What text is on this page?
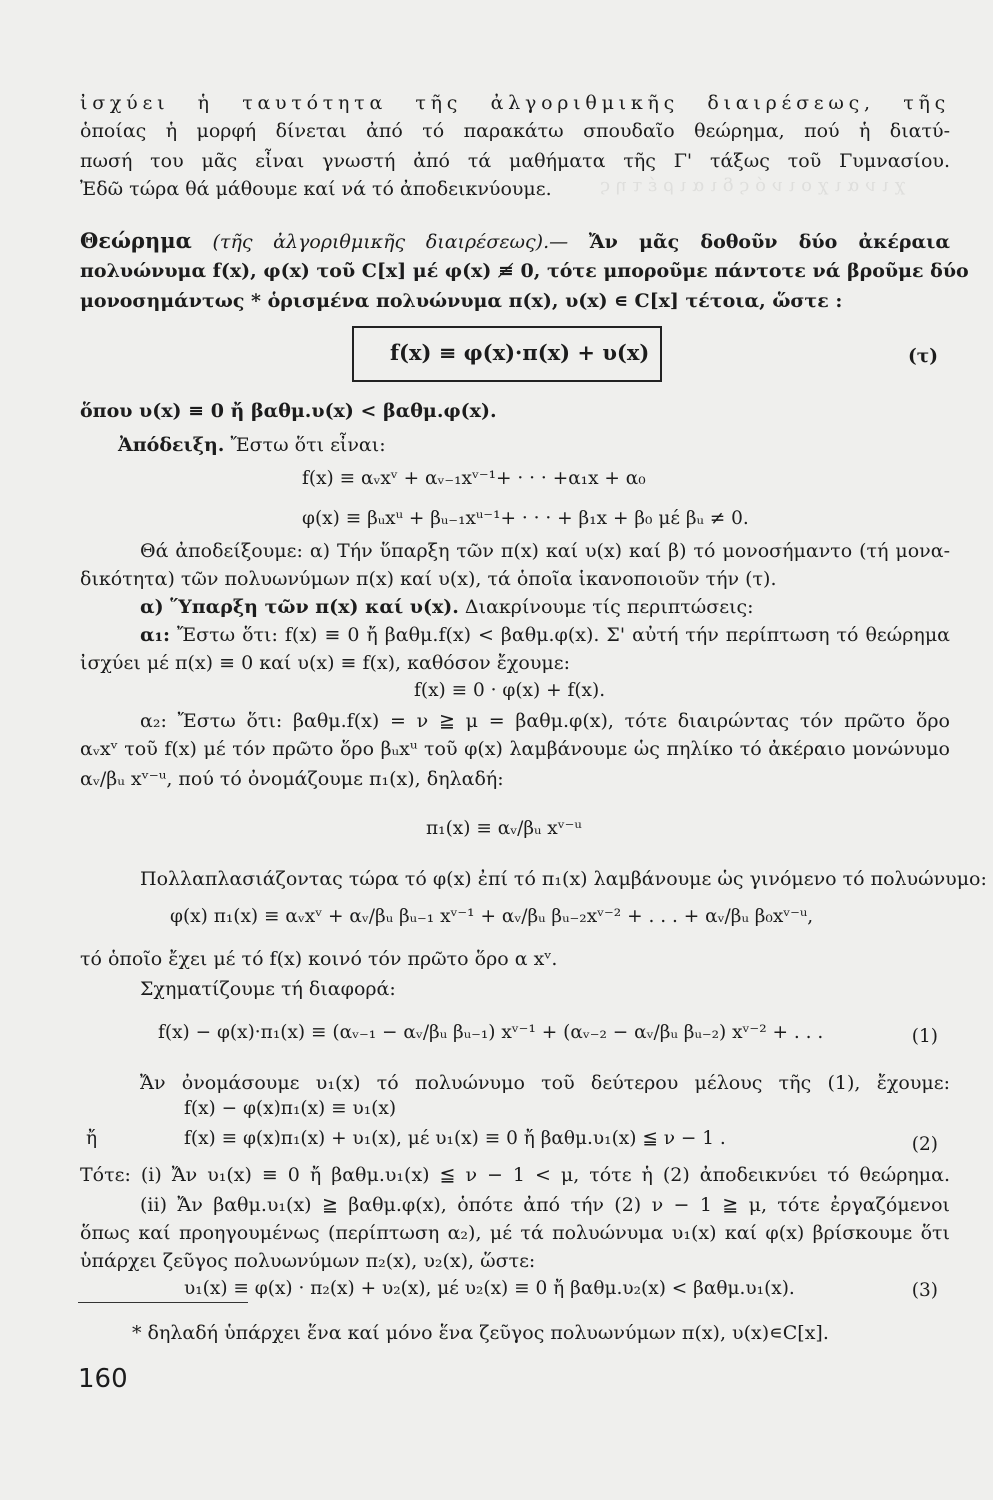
χ ι ν α ι χ ο ι ν ό ς δ ι α ι ρ έ τ η ς
ἰσχύει ἡ ταυτότητα τῆς ἀλγοριθμικῆς διαιρέσεως, τῆς
ὁποίας ἡ μορφή δίνεται ἀπό τό παρακάτω σπουδαῖο θεώρημα, πού ἡ διατύ-
πωσή του μᾶς εἶναι γνωστή ἀπό τά μαθήματα τῆς Γ' τάξως τοῦ Γυμνασίου.
Ἐδῶ τώρα θά μάθουμε καί νά τό ἀποδεικνύουμε.
Θεώρημα (τῆς ἀλγοριθμικῆς διαιρέσεως).— Ἄν μᾶς δοθοῦν δύο ἀκέραια
πολυώνυμα f(x), φ(x) τοῦ C[x] μέ φ(x) ≢ 0, τότε μποροῦμε πάντοτε νά βροῦμε δύο
μονοσημάντως * ὁρισμένα πολυώνυμα π(x), υ(x) ∊ C[x] τέτοια, ὥστε :
f(x) ≡ φ(x)·π(x) + υ(x)	(τ)
ὅπου υ(x) ≡ 0 ἤ βαθμ.υ(x) < βαθμ.φ(x).
Ἀπόδειξη. Ἔστω ὅτι εἶναι:
f(x) ≡ αᵥxᵛ + αᵥ₋₁xᵛ⁻¹+ · · · +α₁x + α₀
φ(x) ≡ βᵤxᵘ + βᵤ₋₁xᵘ⁻¹+ · · · + β₁x + β₀ μέ βᵤ ≠ 0.
Θά ἀποδείξουμε: α) Τήν ὕπαρξη τῶν π(x) καί υ(x) καί β) τό μονοσήμαντο (τή μονα-
δικότητα) τῶν πολυωνύμων π(x) καί υ(x), τά ὁποῖα ἱκανοποιοῦν τήν (τ).
α) Ὕπαρξη τῶν π(x) καί υ(x). Διακρίνουμε τίς περιπτώσεις:
α₁: Ἔστω ὅτι: f(x) ≡ 0 ἤ βαθμ.f(x) < βαθμ.φ(x). Σ' αὐτή τήν περίπτωση τό θεώρημα
ἰσχύει μέ π(x) ≡ 0 καί υ(x) ≡ f(x), καθόσον ἔχουμε:
f(x) ≡ 0 · φ(x) + f(x).
α₂: Ἔστω ὅτι: βαθμ.f(x) = ν ≧ μ = βαθμ.φ(x), τότε διαιρώντας τόν πρῶτο ὅρο
αᵥxᵛ τοῦ f(x) μέ τόν πρῶτο ὅρο βᵤxᵘ τοῦ φ(x) λαμβάνουμε ὡς πηλίκο τό ἀκέραιο μονώνυμο
αᵥ/βᵤ xᵛ⁻ᵘ, πού τό ὀνομάζουμε π₁(x), δηλαδή:
π₁(x) ≡ αᵥ/βᵤ xᵛ⁻ᵘ
Πολλαπλασιάζοντας τώρα τό φ(x) ἐπί τό π₁(x) λαμβάνουμε ὡς γινόμενο τό πολυώνυμο:
φ(x) π₁(x) ≡ αᵥxᵛ + αᵥ/βᵤ βᵤ₋₁ xᵛ⁻¹ + αᵥ/βᵤ βᵤ₋₂xᵛ⁻² + . . . + αᵥ/βᵤ β₀xᵛ⁻ᵘ,
τό ὁποῖο ἔχει μέ τό f(x) κοινό τόν πρῶτο ὅρο α xᵛ.
Σχηματίζουμε τή διαφορά:
f(x) − φ(x)·π₁(x) ≡ (αᵥ₋₁ − αᵥ/βᵤ βᵤ₋₁) xᵛ⁻¹ + (αᵥ₋₂ − αᵥ/βᵤ βᵤ₋₂) xᵛ⁻² + . . .	(1)
Ἄν ὀνομάσουμε υ₁(x) τό πολυώνυμο τοῦ δεύτερου μέλους τῆς (1), ἔχουμε:
f(x) − φ(x)π₁(x) ≡ υ₁(x)
ἤ	f(x) ≡ φ(x)π₁(x) + υ₁(x), μέ υ₁(x) ≡ 0 ἤ βαθμ.υ₁(x) ≦ ν − 1 .	(2)
Τότε: (i) Ἄν υ₁(x) ≡ 0 ἤ βαθμ.υ₁(x) ≦ ν − 1 < μ, τότε ἡ (2) ἀποδεικνύει τό θεώρημα.
(ii) Ἄν βαθμ.υ₁(x) ≧ βαθμ.φ(x), ὁπότε ἀπό τήν (2) ν − 1 ≧ μ, τότε ἐργαζόμενοι
ὅπως καί προηγουμένως (περίπτωση α₂), μέ τά πολυώνυμα υ₁(x) καί φ(x) βρίσκουμε ὅτι
ὑπάρχει ζεῦγος πολυωνύμων π₂(x), υ₂(x), ὥστε:
υ₁(x) ≡ φ(x) · π₂(x) + υ₂(x), μέ υ₂(x) ≡ 0 ἤ βαθμ.υ₂(x) < βαθμ.υ₁(x).	(3)
* δηλαδή ὑπάρχει ἕνα καί μόνο ἕνα ζεῦγος πολυωνύμων π(x), υ(x)∊C[x].
160
